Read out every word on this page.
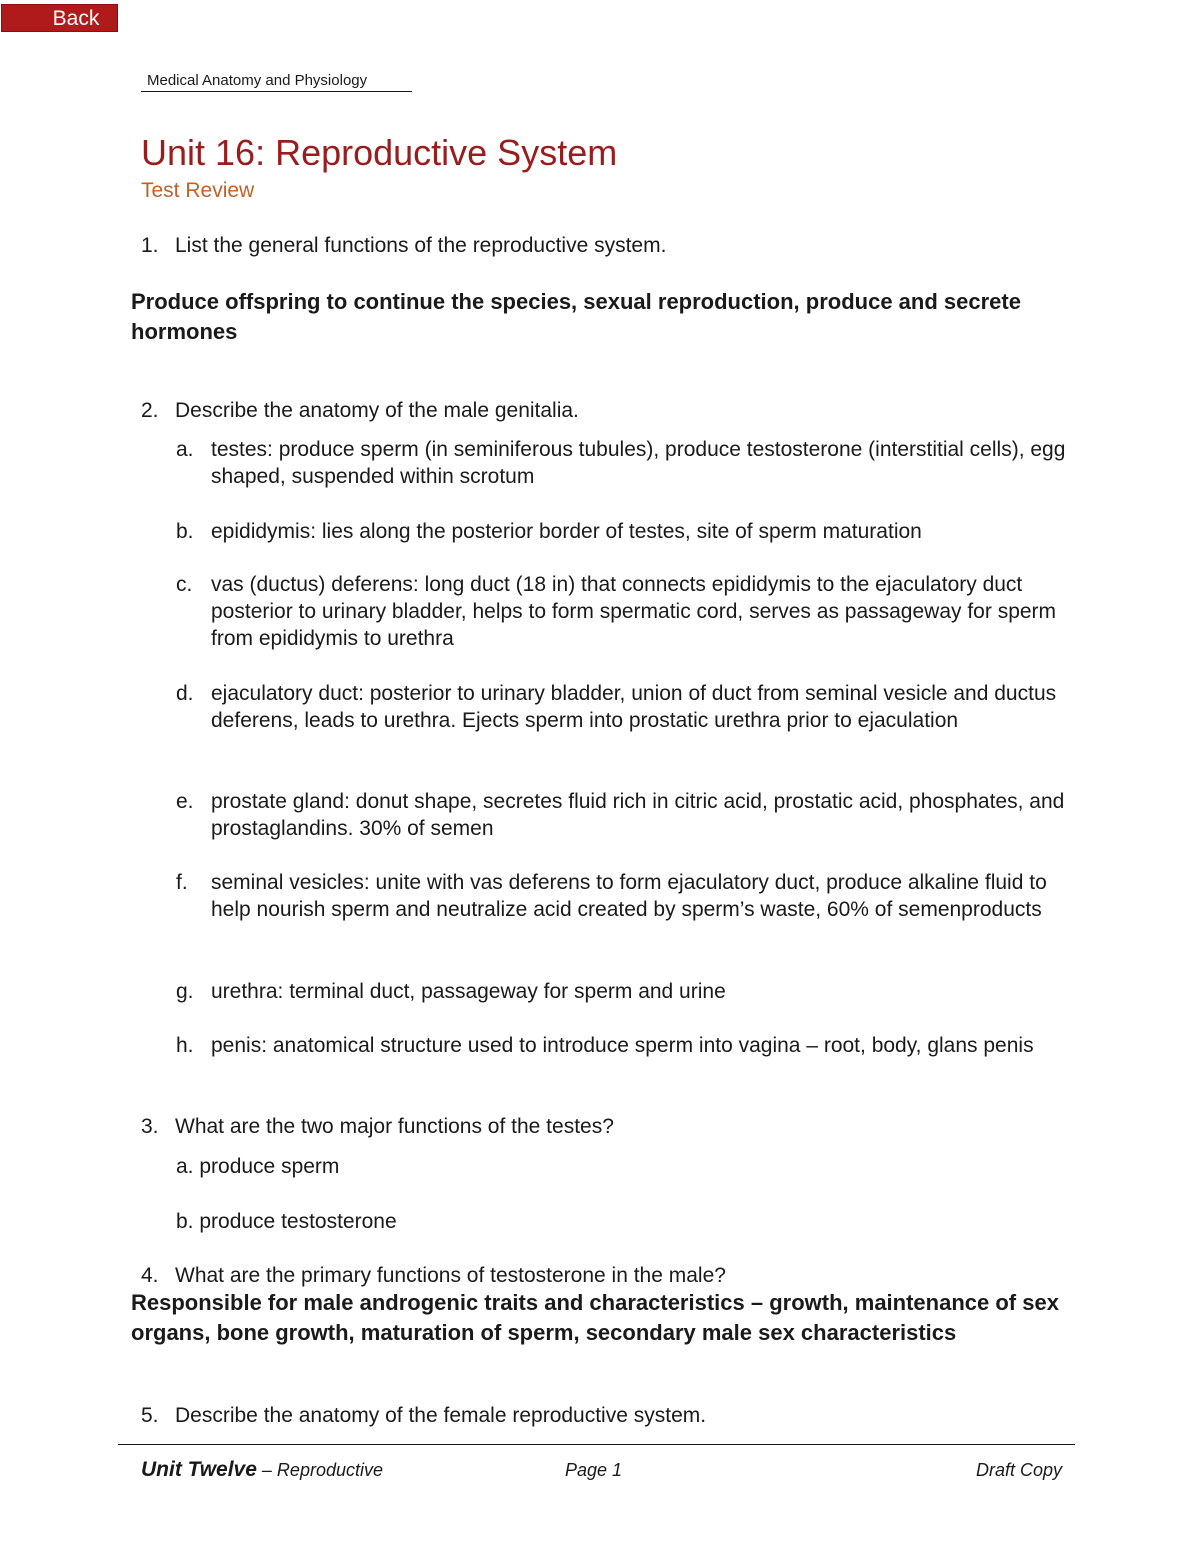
Back
Medical Anatomy and Physiology
Unit 16: Reproductive System
Test Review
1. List the general functions of the reproductive system.

Produce offspring to continue the species, sexual reproduction, produce and secrete hormones

2. Describe the anatomy of the male genitalia.
a. testes: produce sperm (in seminiferous tubules), produce testosterone (interstitial cells), egg shaped, suspended within scrotum
b. epididymis: lies along the posterior border of testes, site of sperm maturation
c. vas (ductus) deferens: long duct (18 in) that connects epididymis to the ejaculatory duct posterior to urinary bladder, helps to form spermatic cord, serves as passageway for sperm from epididymis to urethra
d. ejaculatory duct: posterior to urinary bladder, union of duct from seminal vesicle and ductus deferens, leads to urethra. Ejects sperm into prostatic urethra prior to ejaculation
e. prostate gland: donut shape, secretes fluid rich in citric acid, prostatic acid, phosphates, and prostaglandins. 30% of semen
f. seminal vesicles: unite with vas deferens to form ejaculatory duct, produce alkaline fluid to help nourish sperm and neutralize acid created by sperm’s waste, 60% of semenproducts
g. urethra: terminal duct, passageway for sperm and urine
h. penis: anatomical structure used to introduce sperm into vagina – root, body, glans penis
3. What are the two major functions of the testes?
a. produce sperm
b. produce testosterone
4. What are the primary functions of testosterone in the male?

Responsible for male androgenic traits and characteristics – growth, maintenance of sex organs, bone growth, maturation of sperm, secondary male sex characteristics

5. Describe the anatomy of the female reproductive system.
Unit Twelve – Reproductive	Page 1	Draft Copy
